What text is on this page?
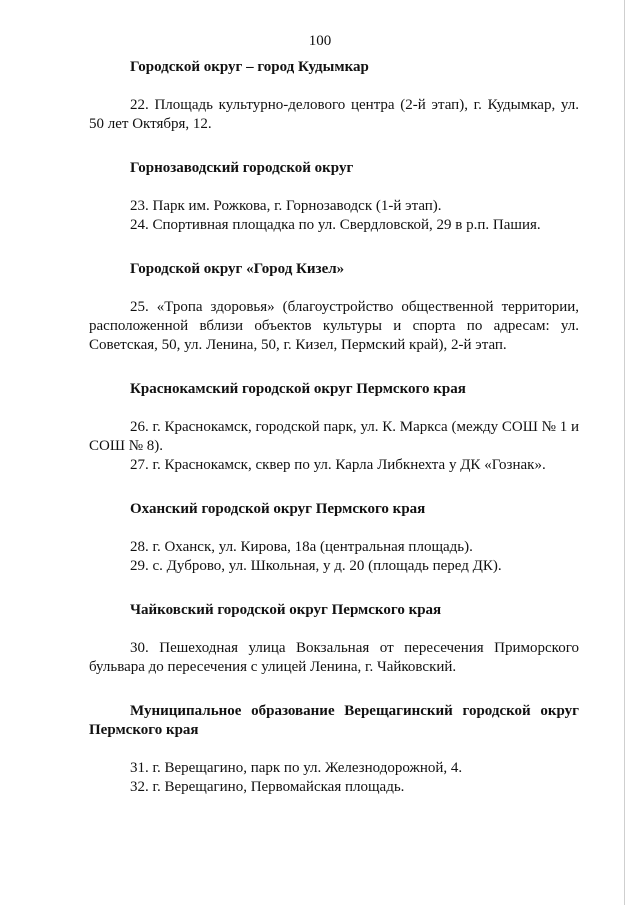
100

Городской округ – город Кудымкар

22. Площадь культурно-делового центра (2-й этап), г. Кудымкар, ул. 50 лет Октября, 12.

Горнозаводский городской округ

23. Парк им. Рожкова, г. Горнозаводск (1-й этап).

24. Спортивная площадка по ул. Свердловской, 29 в р.п. Пашия.

Городской округ «Город Кизел»

25. «Тропа здоровья» (благоустройство общественной территории, расположенной вблизи объектов культуры и спорта по адресам: ул. Советская, 50, ул. Ленина, 50, г. Кизел, Пермский край), 2-й этап.

Краснокамский городской округ Пермского края

26. г. Краснокамск, городской парк, ул. К. Маркса (между СОШ № 1 и СОШ № 8).

27. г. Краснокамск, сквер по ул. Карла Либкнехта у ДК «Гознак».

Оханский городской округ Пермского края

28. г. Оханск, ул. Кирова, 18а (центральная площадь).

29. с. Дуброво, ул. Школьная, у д. 20 (площадь перед ДК).

Чайковский городской округ Пермского края

30. Пешеходная улица Вокзальная от пересечения Приморского бульвара до пересечения с улицей Ленина, г. Чайковский.

Муниципальное образование Верещагинский городской округ Пермского края

31. г. Верещагино, парк по ул. Железнодорожной, 4.

32. г. Верещагино, Первомайская площадь.
